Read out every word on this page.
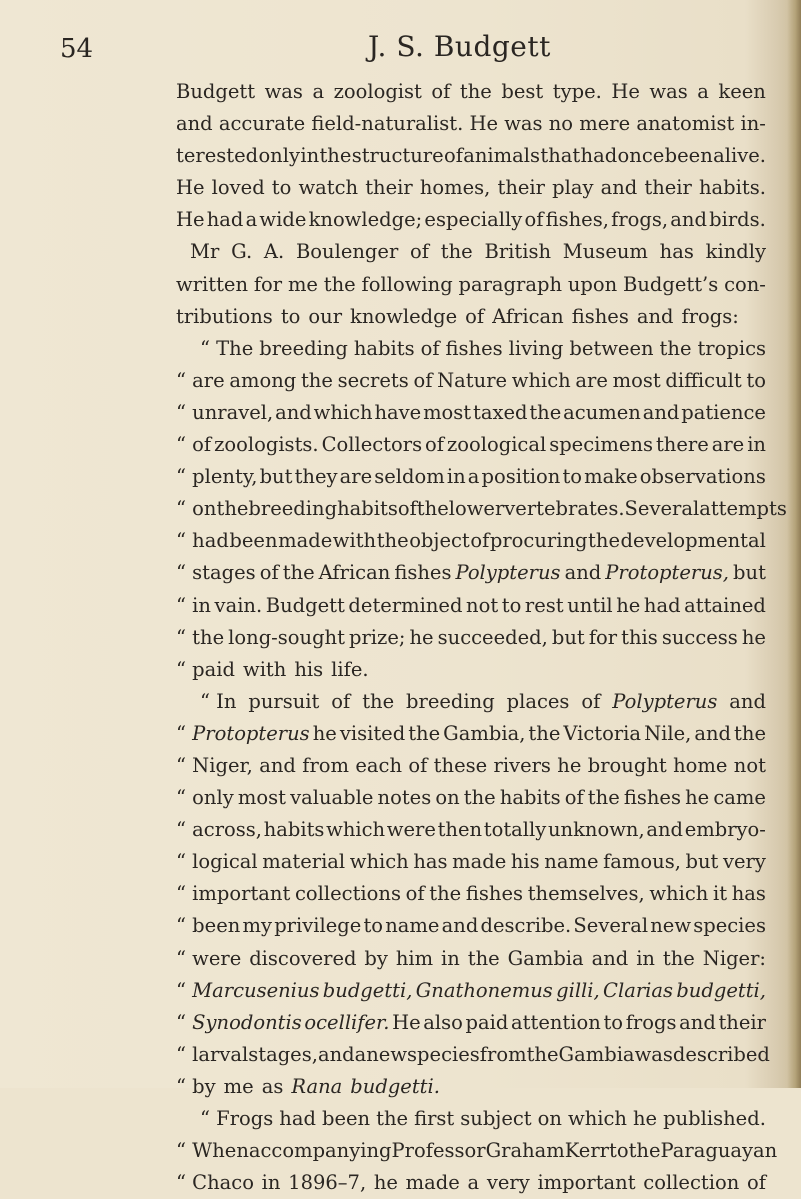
54	J. S. Budgett
Budgett was a zoologist of the best type. He was a keen
and accurate field-naturalist. He was no mere anatomist in-
terested only in the structure of animals that had once been alive.
He loved to watch their homes, their play and their habits.
He had a wide knowledge; especially of fishes, frogs, and birds.
Mr G. A. Boulenger of the British Museum has kindly
written for me the following paragraph upon Budgett’s con-
tributions to our knowledge of African fishes and frogs:
“ The breeding habits of fishes living between the tropics
“ are among the secrets of Nature which are most difficult to
“ unravel, and which have most taxed the acumen and patience
“ of zoologists. Collectors of zoological specimens there are in
“ plenty, but they are seldom in a position to make observations
“ on the breeding habits of the lower vertebrates. Several attempts
“ had been made with the object of procuring the developmental
“ stages of the African fishes Polypterus and Protopterus, but
“ in vain. Budgett determined not to rest until he had attained
“ the long-sought prize; he succeeded, but for this success he
“ paid with his life.
“ In pursuit of the breeding places of Polypterus and
“ Protopterus he visited the Gambia, the Victoria Nile, and the
“ Niger, and from each of these rivers he brought home not
“ only most valuable notes on the habits of the fishes he came
“ across, habits which were then totally unknown, and embryo-
“ logical material which has made his name famous, but very
“ important collections of the fishes themselves, which it has
“ been my privilege to name and describe. Several new species
“ were discovered by him in the Gambia and in the Niger:
“ Marcusenius budgetti, Gnathonemus gilli, Clarias budgetti,
“ Synodontis ocellifer. He also paid attention to frogs and their
“ larval stages, and a new species from the Gambia was described
“ by me as Rana budgetti.
“ Frogs had been the first subject on which he published.
“ When accompanying Professor Graham Kerr to the Paraguayan
“ Chaco in 1896–7, he made a very important collection of
